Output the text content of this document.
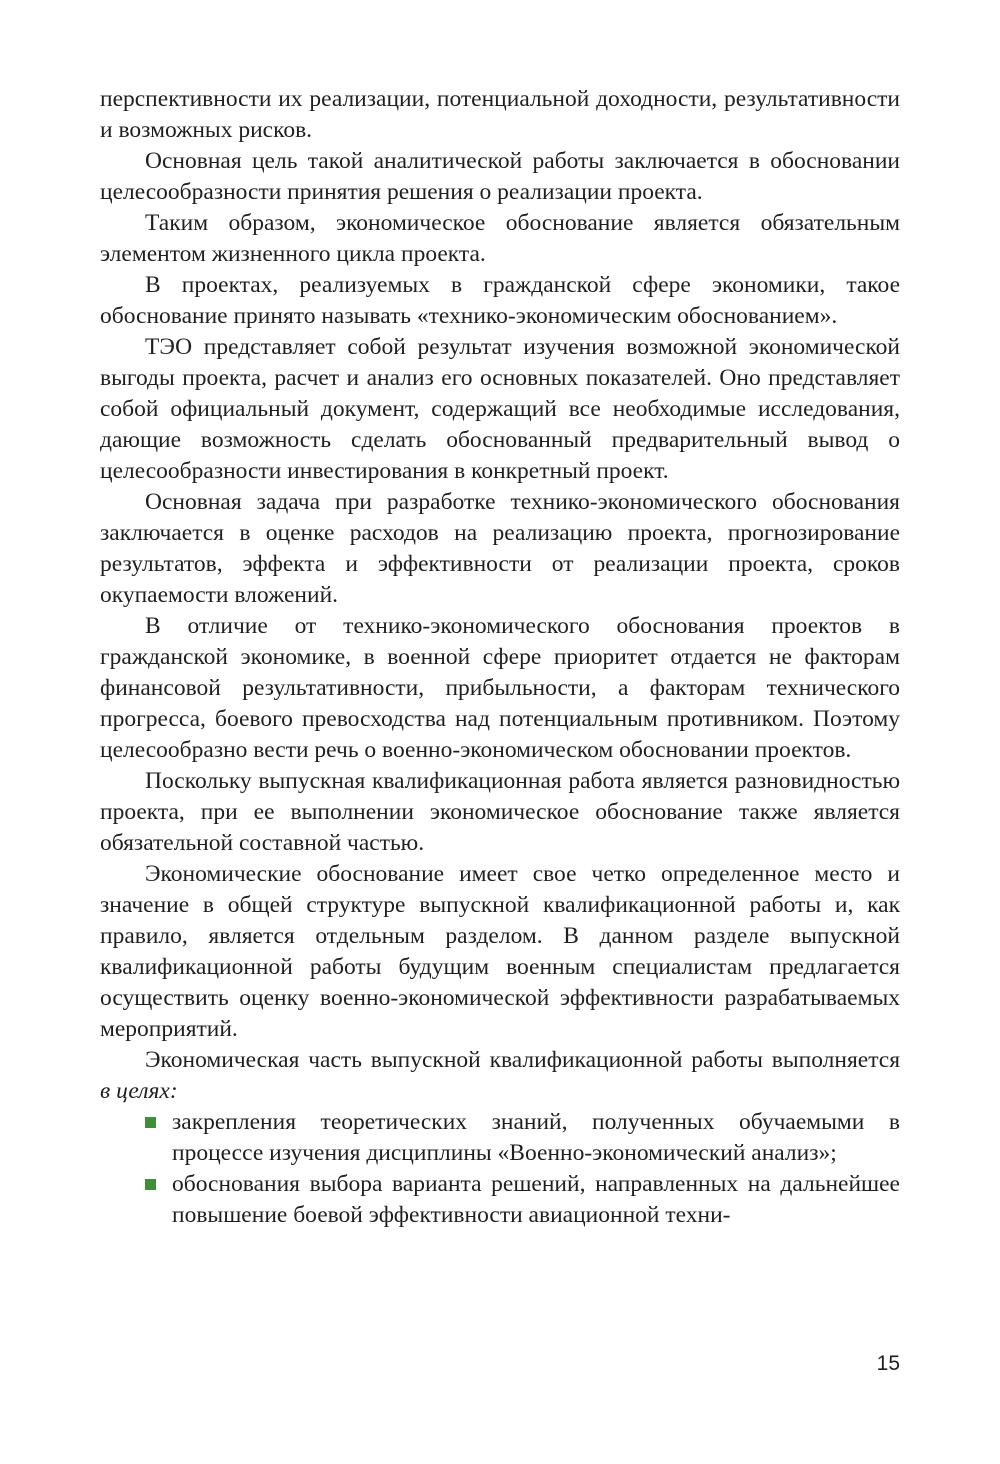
перспективности их реализации, потенциальной доходности, результативности и возможных рисков.

Основная цель такой аналитической работы заключается в обосновании целесообразности принятия решения о реализации проекта.

Таким образом, экономическое обоснование является обязательным элементом жизненного цикла проекта.

В проектах, реализуемых в гражданской сфере экономики, такое обоснование принято называть «технико-экономическим обоснованием».

ТЭО представляет собой результат изучения возможной экономической выгоды проекта, расчет и анализ его основных показателей. Оно представляет собой официальный документ, содержащий все необходимые исследования, дающие возможность сделать обоснованный предварительный вывод о целесообразности инвестирования в конкретный проект.

Основная задача при разработке технико-экономического обоснования заключается в оценке расходов на реализацию проекта, прогнозирование результатов, эффекта и эффективности от реализации проекта, сроков окупаемости вложений.

В отличие от технико-экономического обоснования проектов в гражданской экономике, в военной сфере приоритет отдается не факторам финансовой результативности, прибыльности, а факторам технического прогресса, боевого превосходства над потенциальным противником. Поэтому целесообразно вести речь о военно-экономическом обосновании проектов.

Поскольку выпускная квалификационная работа является разновидностью проекта, при ее выполнении экономическое обоснование также является обязательной составной частью.

Экономические обоснование имеет свое четко определенное место и значение в общей структуре выпускной квалификационной работы и, как правило, является отдельным разделом. В данном разделе выпускной квалификационной работы будущим военным специалистам предлагается осуществить оценку военно-экономической эффективности разрабатываемых мероприятий.

Экономическая часть выпускной квалификационной работы выполняется в целях:

закрепления теоретических знаний, полученных обучаемыми в процессе изучения дисциплины «Военно-экономический анализ»;
обоснования выбора варианта решений, направленных на дальнейшее повышение боевой эффективности авиационной техни-
15
